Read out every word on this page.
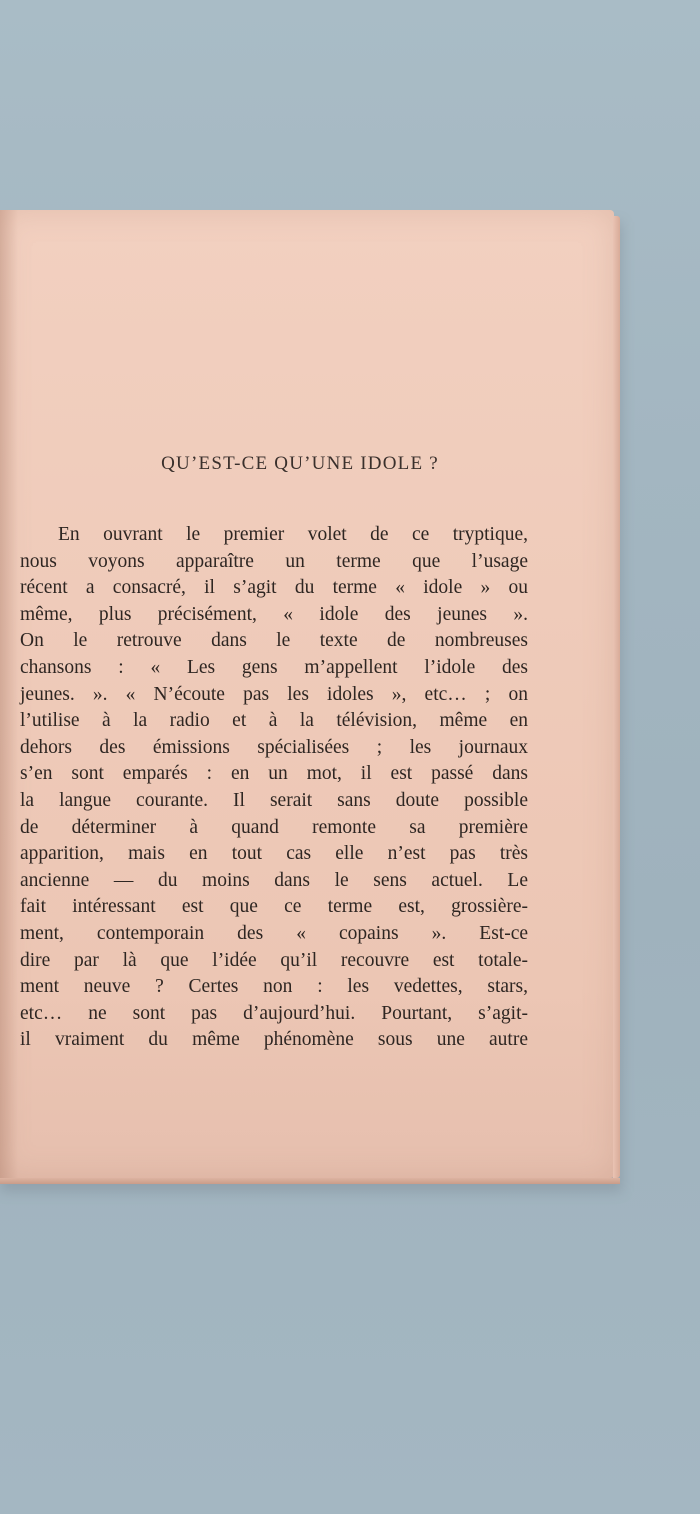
QU’EST-CE QU’UNE IDOLE ?
En ouvrant le premier volet de ce tryptique,
nous voyons apparaître un terme que l’usage
récent a consacré, il s’agit du terme « idole » ou
même, plus précisément, « idole des jeunes ».
On le retrouve dans le texte de nombreuses
chansons : « Les gens m’appellent l’idole des
jeunes. ». « N’écoute pas les idoles », etc… ; on
l’utilise à la radio et à la télévision, même en
dehors des émissions spécialisées ; les journaux
s’en sont emparés : en un mot, il est passé dans
la langue courante. Il serait sans doute possible
de déterminer à quand remonte sa première
apparition, mais en tout cas elle n’est pas très
ancienne — du moins dans le sens actuel. Le
fait intéressant est que ce terme est, grossière-
ment, contemporain des « copains ». Est-ce
dire par là que l’idée qu’il recouvre est totale-
ment neuve ? Certes non : les vedettes, stars,
etc… ne sont pas d’aujourd’hui. Pourtant, s’agit-
il vraiment du même phénomène sous une autre
